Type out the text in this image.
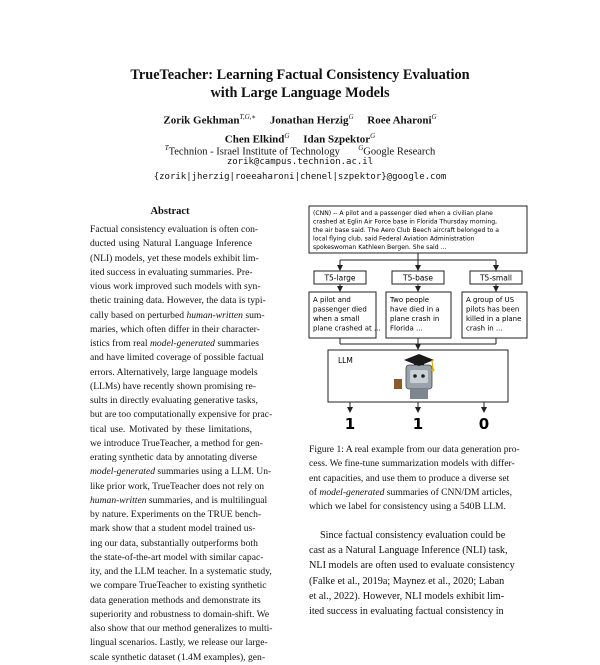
TrueTeacher: Learning Factual Consistency Evaluation
with Large Language Models
Zorik Gekhman$^{T,G,∗}$ Jonathan Herzig$^G$ Roee Aharoni$^G$
Chen Elkind$^G$ Idan Szpektor$^G$
$^T$Technion - Israel Institute of Technology	$^G$Google Research
zorik@campus.technion.ac.il
{zorik|jherzig|roeeaharoni|chenel|szpektor}@google.com
Abstract
Factual consistency evaluation is often con-
ducted using Natural Language Inference
(NLI) models, yet these models exhibit lim-
ited success in evaluating summaries. Pre-
vious work improved such models with syn-
thetic training data. However, the data is typi-
cally based on perturbed human-written sum-
maries, which often differ in their character-
istics from real model-generated summaries
and have limited coverage of possible factual
errors. Alternatively, large language models
(LLMs) have recently shown promising re-
sults in directly evaluating generative tasks,
but are too computationally expensive for prac-
tical use. Motivated by these limitations,
we introduce TrueTeacher, a method for gen-
erating synthetic data by annotating diverse
model-generated summaries using a LLM. Un-
like prior work, TrueTeacher does not rely on
human-written summaries, and is multilingual
by nature. Experiments on the TRUE bench-
mark show that a student model trained us-
ing our data, substantially outperforms both
the state-of-the-art model with similar capac-
ity, and the LLM teacher. In a systematic study,
we compare TrueTeacher to existing synthetic
data generation methods and demonstrate its
superiority and robustness to domain-shift. We
also show that our method generalizes to multi-
lingual scenarios. Lastly, we release our large-
scale synthetic dataset (1.4M examples), gen-
(CNN) -- A pilot and a passenger died when a civilian plane
crashed at Eglin Air Force base in Florida Thursday morning,
the air base said. The Aero Club Beech aircraft belonged to a
local flying club, said Federal Aviation Administration
spokeswoman Kathleen Bergen. She said ...
T5-large	T5-base	T5-small
A pilot and
passenger died
when a small
plane crashed at ...
Two people
have died in a
plane crash in
Florida ...
A group of US
pilots has been
killed in a plane
crash in ...
LLM
1	1	0
Figure 1: A real example from our data generation pro-
cess. We fine-tune summarization models with differ-
ent capacities, and use them to produce a diverse set
of model-generated summaries of CNN/DM articles,
which we label for consistency using a 540B LLM.
Since factual consistency evaluation could be
cast as a Natural Language Inference (NLI) task,
NLI models are often used to evaluate consistency
(Falke et al., 2019a; Maynez et al., 2020; Laban
et al., 2022). However, NLI models exhibit lim-
ited success in evaluating factual consistency in
